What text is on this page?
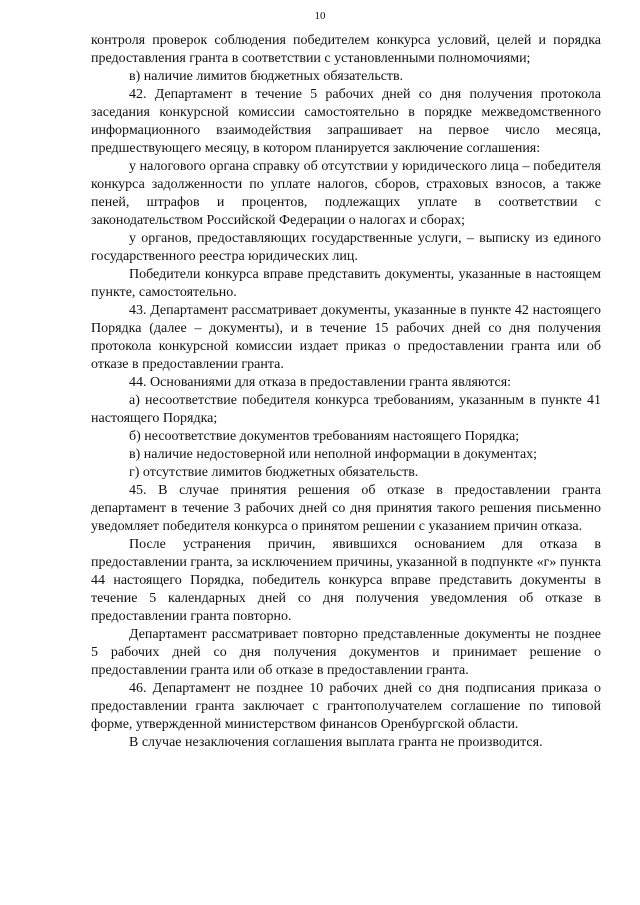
10

контроля проверок соблюдения победителем конкурса условий, целей и порядка предоставления гранта в соответствии с установленными полномочиями;

в) наличие лимитов бюджетных обязательств.

42. Департамент в течение 5 рабочих дней со дня получения протокола заседания конкурсной комиссии самостоятельно в порядке межведомственного информационного взаимодействия запрашивает на первое число месяца, предшествующего месяцу, в котором планируется заключение соглашения:

у налогового органа справку об отсутствии у юридического лица – победителя конкурса задолженности по уплате налогов, сборов, страховых взносов, а также пеней, штрафов и процентов, подлежащих уплате в соответствии с законодательством Российской Федерации о налогах и сборах;

у органов, предоставляющих государственные услуги, – выписку из единого государственного реестра юридических лиц.

Победители конкурса вправе представить документы, указанные в настоящем пункте, самостоятельно.

43. Департамент рассматривает документы, указанные в пункте 42 настоящего Порядка (далее – документы), и в течение 15 рабочих дней со дня получения протокола конкурсной комиссии издает приказ о предоставлении гранта или об отказе в предоставлении гранта.

44. Основаниями для отказа в предоставлении гранта являются:

а) несоответствие победителя конкурса требованиям, указанным в пункте 41 настоящего Порядка;

б) несоответствие документов требованиям настоящего Порядка;

в) наличие недостоверной или неполной информации в документах;

г) отсутствие лимитов бюджетных обязательств.

45. В случае принятия решения об отказе в предоставлении гранта департамент в течение 3 рабочих дней со дня принятия такого решения письменно уведомляет победителя конкурса о принятом решении с указанием причин отказа.

После устранения причин, явившихся основанием для отказа в предоставлении гранта, за исключением причины, указанной в подпункте «г» пункта 44 настоящего Порядка, победитель конкурса вправе представить документы в течение 5 календарных дней со дня получения уведомления об отказе в предоставлении гранта повторно.

Департамент рассматривает повторно представленные документы не позднее 5 рабочих дней со дня получения документов и принимает решение о предоставлении гранта или об отказе в предоставлении гранта.

46. Департамент не позднее 10 рабочих дней со дня подписания приказа о предоставлении гранта заключает с грантополучателем соглашение по типовой форме, утвержденной министерством финансов Оренбургской области.

В случае незаключения соглашения выплата гранта не производится.
